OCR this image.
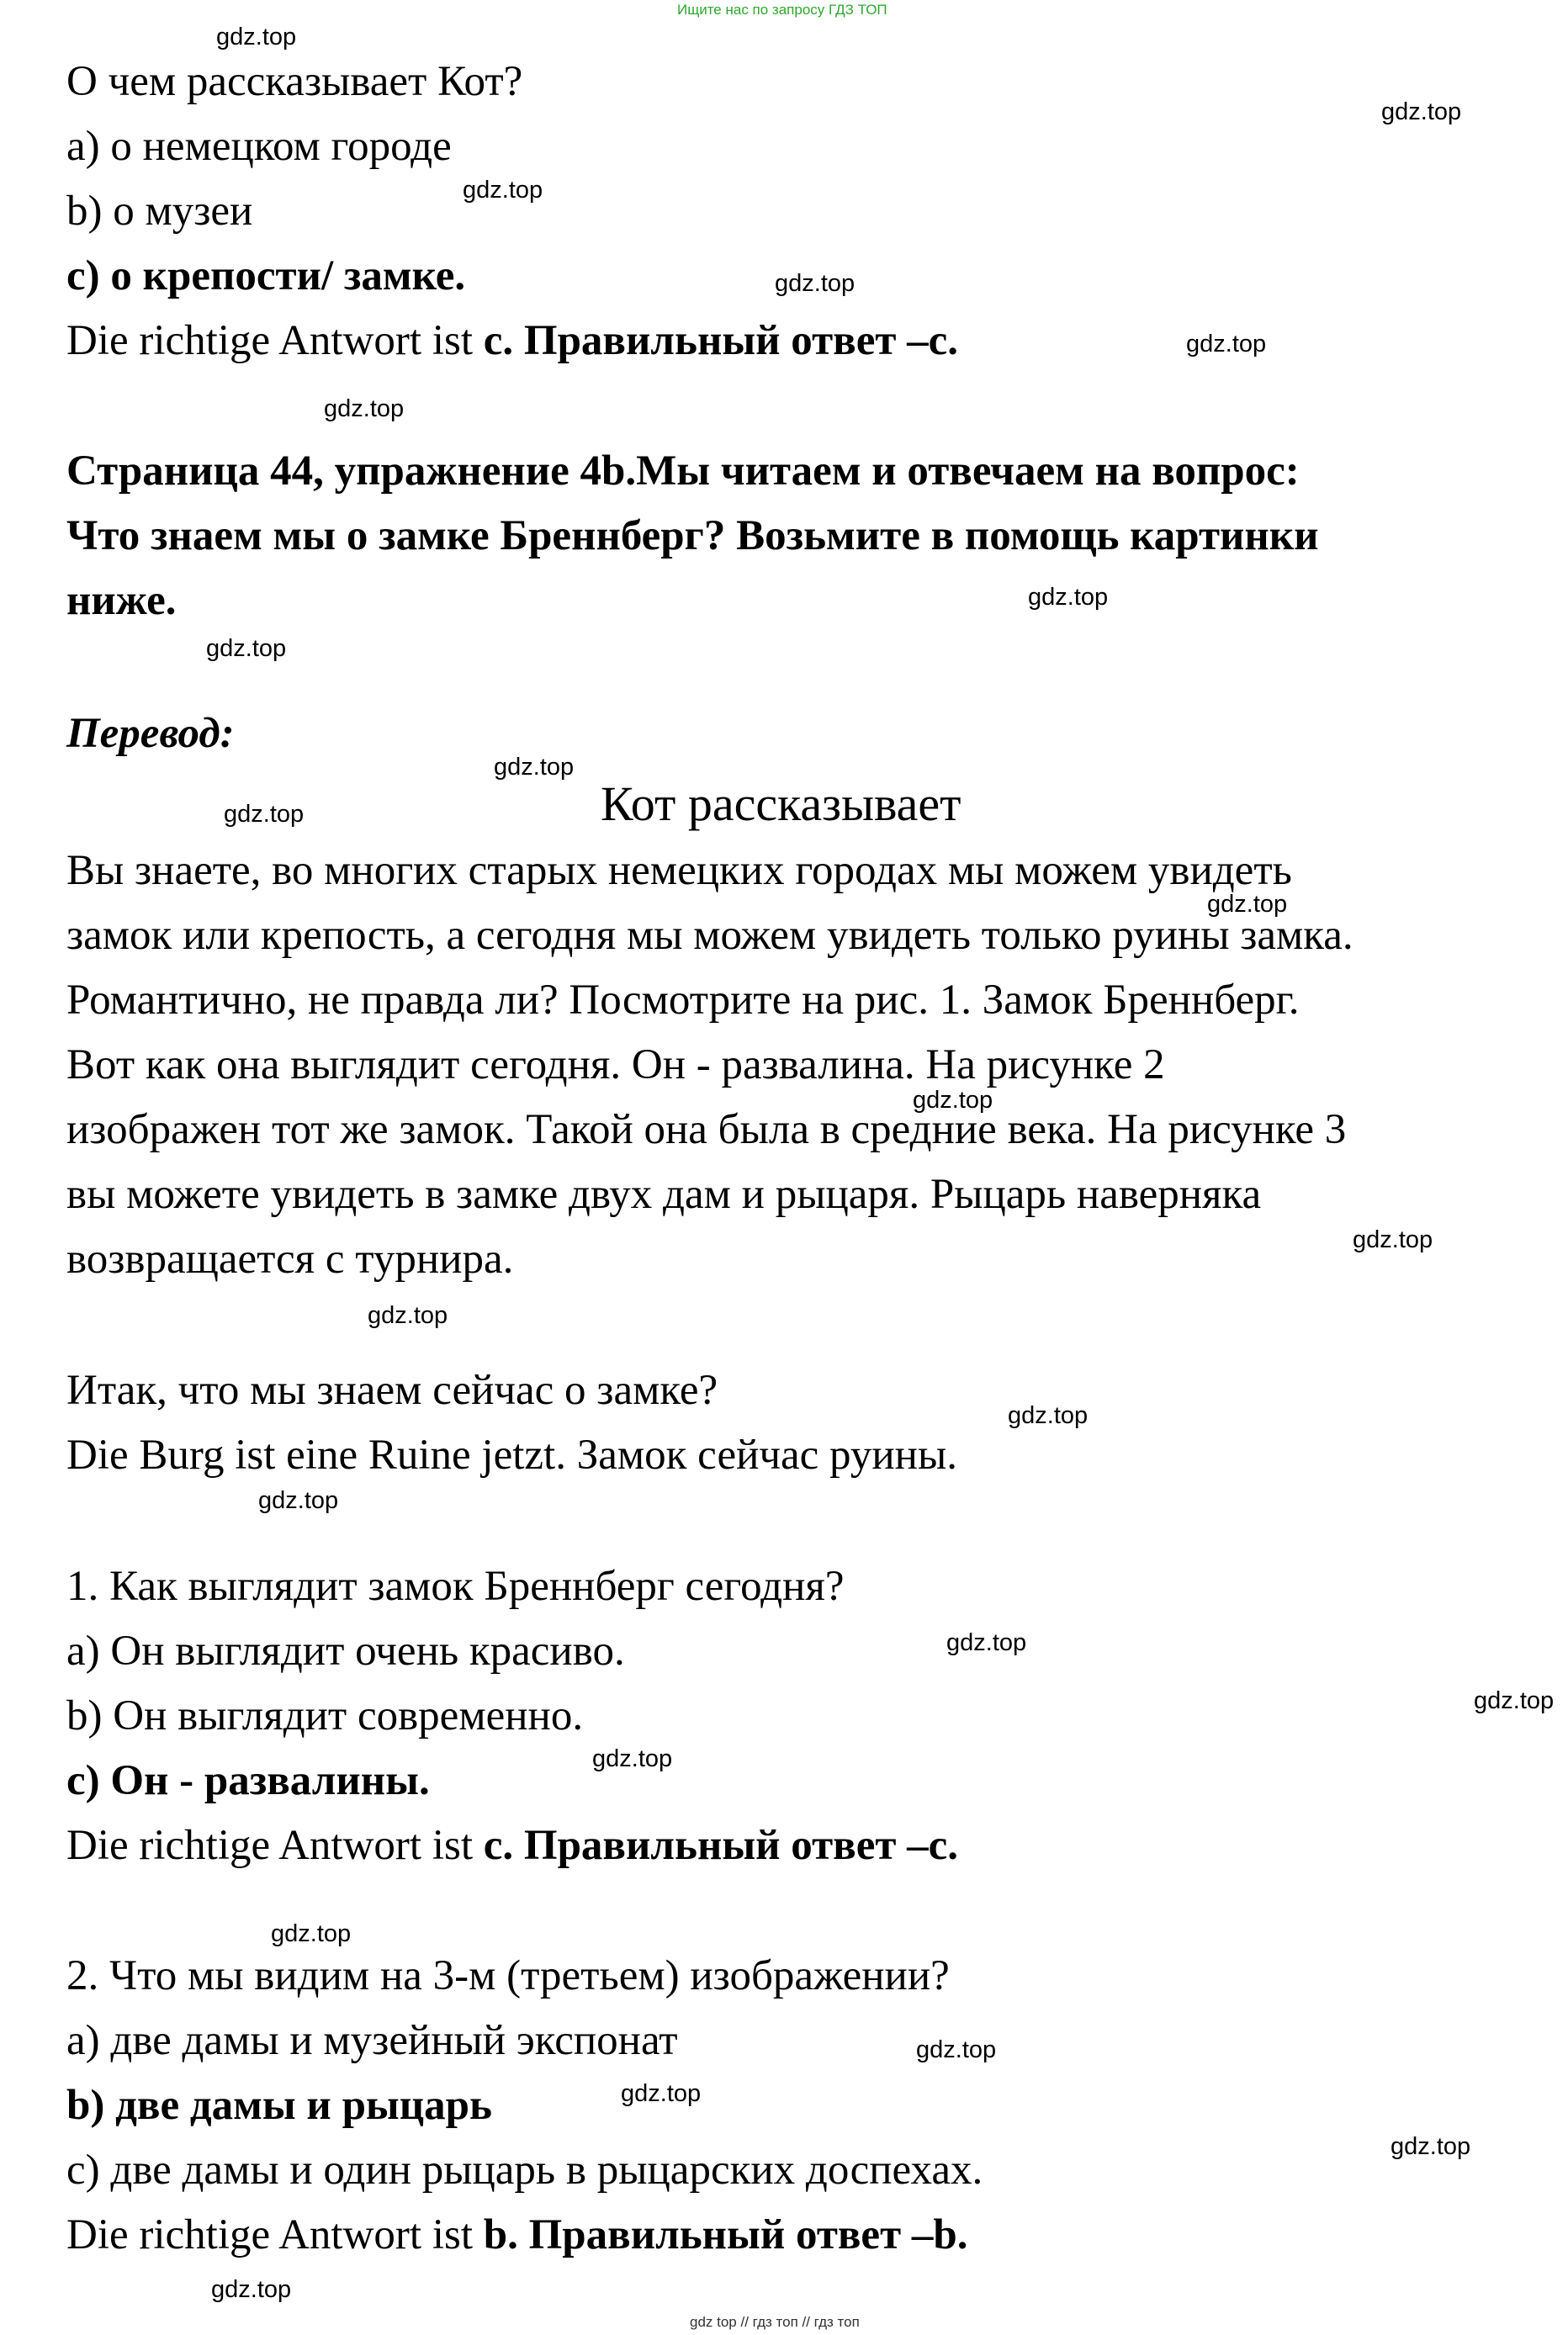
Ищите нас по запросу ГДЗ ТОП
О чем рассказывает Кот?
а) о немецком городе
b) о музеи
с) о крепости/ замке.
Die richtige Antwort ist c. Правильный ответ –с.
Страница 44, упражнение 4b.Мы читаем и отвечаем на вопрос:
Что знаем мы о замке Бреннберг? Возьмите в помощь картинки
ниже.
Перевод:
Кот рассказывает
Вы знаете, во многих старых немецких городах мы можем увидеть
замок или крепость, а сегодня мы можем увидеть только руины замка.
Романтично, не правда ли? Посмотрите на рис. 1. Замок Бреннберг.
Вот как она выглядит сегодня. Он - развалина. На рисунке 2
изображен тот же замок. Такой она была в средние века. На рисунке 3
вы можете увидеть в замке двух дам и рыцаря. Рыцарь наверняка
возвращается с турнира.
Итак, что мы знаем сейчас о замке?
Die Burg ist eine Ruine jetzt. Замок сейчас руины.
1. Как выглядит замок Бреннберг сегодня?
а) Он выглядит очень красиво.
b) Он выглядит современно.
с) Он - развалины.
Die richtige Antwort ist c. Правильный ответ –с.
2. Что мы видим на 3-м (третьем) изображении?
а) две дамы и музейный экспонат
b) две дамы и рыцарь
с) две дамы и один рыцарь в рыцарских доспехах.
Die richtige Antwort ist b. Правильный ответ –b.
gdz.top
gdz.top
gdz.top
gdz.top
gdz.top
gdz.top
gdz.top
gdz.top
gdz.top
gdz.top
gdz.top
gdz.top
gdz.top
gdz.top
gdz.top
gdz.top
gdz.top
gdz.top
gdz.top
gdz.top
gdz.top
gdz.top
gdz.top
gdz.top
gdz top // гдз топ // гдз топ
